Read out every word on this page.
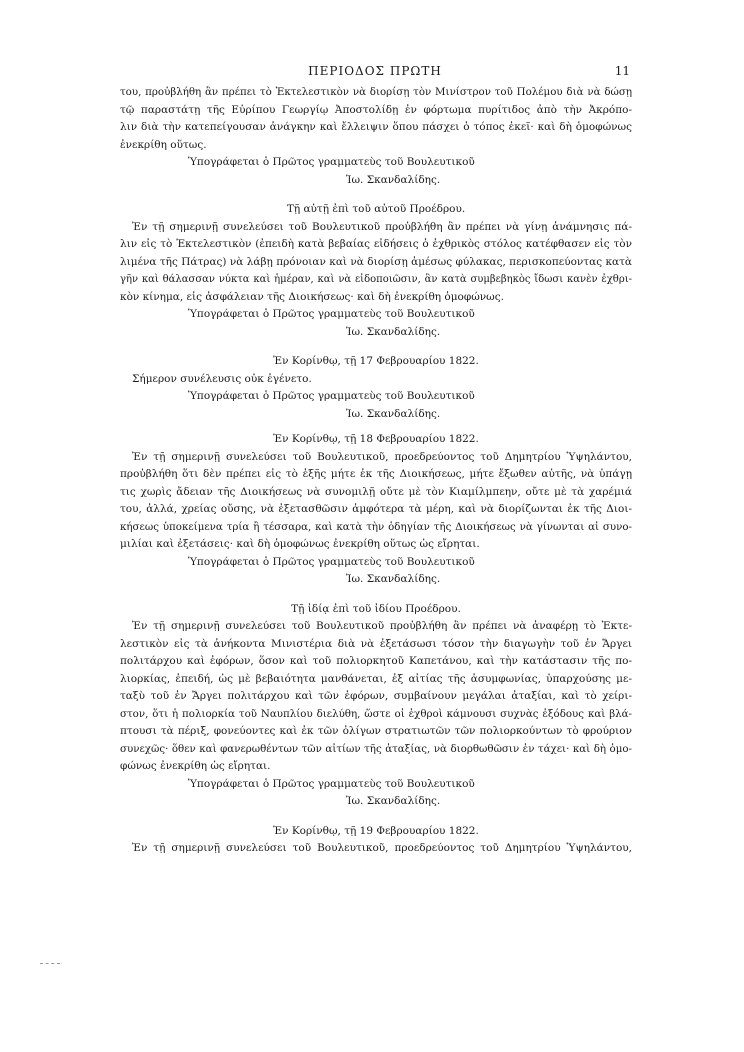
ΠΕΡΙΟΔΟΣ ΠΡΩΤΗ	11
του, προὐβλήθη ἂν πρέπει τὸ Ἐκτελεστικὸν νὰ διορίσῃ τὸν Μινίστρον τοῦ Πολέμου διὰ νὰ δώσῃ
τῷ παραστάτῃ τῆς Εὐρίπου Γεωργίῳ Ἀποστολίδῃ ἐν φόρτωμα πυρίτιδος ἀπὸ τὴν Ἀκρόπο-
λιν διὰ τὴν κατεπείγουσαν ἀνάγκην καὶ ἔλλειψιν ὅπου πάσχει ὁ τόπος ἐκεῖ· καὶ δὴ ὁμοφώνως
ἐνεκρίθη οὕτως.
Ὑπογράφεται ὁ Πρῶτος γραμματεὺς τοῦ Βουλευτικοῦ
Ἰω. Σκανδαλίδης.
Τῇ αὐτῇ ἐπὶ τοῦ αὐτοῦ Προέδρου.
Ἐν τῇ σημερινῇ συνελεύσει τοῦ Βουλευτικοῦ προὐβλήθη ἂν πρέπει νὰ γίνῃ ἀνάμνησις πά-
λιν εἰς τὸ Ἐκτελεστικὸν (ἐπειδὴ κατὰ βεβαίας εἰδήσεις ὁ ἐχθρικὸς στόλος κατέφθασεν εἰς τὸν
λιμένα τῆς Πάτρας) νὰ λάβῃ πρόνοιαν καὶ νὰ διορίσῃ ἀμέσως φύλακας, περισκοπεύοντας κατὰ
γῆν καὶ θάλασσαν νύκτα καὶ ἡμέραν, καὶ νὰ εἰδοποιῶσιν, ἂν κατὰ συμβεβηκὸς ἴδωσι κανὲν ἐχθρι-
κὸν κίνημα, εἰς ἀσφάλειαν τῆς Διοικήσεως· καὶ δὴ ἐνεκρίθη ὁμοφώνως.
Ὑπογράφεται ὁ Πρῶτος γραμματεὺς τοῦ Βουλευτικοῦ
Ἰω. Σκανδαλίδης.
Ἐν Κορίνθῳ, τῇ 17 Φεβρουαρίου 1822.
Σήμερον συνέλευσις οὐκ ἐγένετο.
Ὑπογράφεται ὁ Πρῶτος γραμματεὺς τοῦ Βουλευτικοῦ
Ἰω. Σκανδαλίδης.
Ἐν Κορίνθῳ, τῇ 18 Φεβρουαρίου 1822.
Ἐν τῇ σημερινῇ συνελεύσει τοῦ Βουλευτικοῦ, προεδρεύοντος τοῦ Δημητρίου Ὑψηλάντου,
προὐβλήθη ὅτι δὲν πρέπει εἰς τὸ ἑξῆς μήτε ἐκ τῆς Διοικήσεως, μήτε ἔξωθεν αὐτῆς, νὰ ὑπάγῃ
τις χωρὶς ἄδειαν τῆς Διοικήσεως νὰ συνομιλῇ οὔτε μὲ τὸν Κιαμίλμπεην, οὔτε μὲ τὰ χαρέμιά
του, ἀλλά, χρείας οὔσης, νὰ ἐξετασθῶσιν ἀμφότερα τὰ μέρη, καὶ νὰ διορίζωνται ἐκ τῆς Διοι-
κήσεως ὑποκείμενα τρία ἢ τέσσαρα, καὶ κατὰ τὴν ὁδηγίαν τῆς Διοικήσεως νὰ γίνωνται αἱ συνο-
μιλίαι καὶ ἐξετάσεις· καὶ δὴ ὁμοφώνως ἐνεκρίθη οὕτως ὡς εἴρηται.
Ὑπογράφεται ὁ Πρῶτος γραμματεὺς τοῦ Βουλευτικοῦ
Ἰω. Σκανδαλίδης.
Τῇ ἰδίᾳ ἐπὶ τοῦ ἰδίου Προέδρου.
Ἐν τῇ σημερινῇ συνελεύσει τοῦ Βουλευτικοῦ προὐβλήθη ἂν πρέπει νὰ ἀναφέρῃ τὸ Ἐκτε-
λεστικὸν εἰς τὰ ἀνήκοντα Μινιστέρια διὰ νὰ ἐξετάσωσι τόσον τὴν διαγωγὴν τοῦ ἐν Ἄργει
πολιτάρχου καὶ ἐφόρων, ὅσον καὶ τοῦ πολιορκητοῦ Καπετάνου, καὶ τὴν κατάστασιν τῆς πο-
λιορκίας, ἐπειδή, ὡς μὲ βεβαιότητα μανθάνεται, ἐξ αἰτίας τῆς ἀσυμφωνίας, ὑπαρχούσης με-
ταξὺ τοῦ ἐν Ἄργει πολιτάρχου καὶ τῶν ἐφόρων, συμβαίνουν μεγάλαι ἀταξίαι, καὶ τὸ χείρι-
στον, ὅτι ἡ πολιορκία τοῦ Ναυπλίου διελύθη, ὥστε οἱ ἐχθροὶ κάμνουσι συχνὰς ἐξόδους καὶ βλά-
πτουσι τὰ πέριξ, φονεύοντες καὶ ἐκ τῶν ὀλίγων στρατιωτῶν τῶν πολιορκούντων τὸ φρούριον
συνεχῶς· ὅθεν καὶ φανερωθέντων τῶν αἰτίων τῆς ἀταξίας, νὰ διορθωθῶσιν ἐν τάχει· καὶ δὴ ὁμο-
φώνως ἐνεκρίθη ὡς εἴρηται.
Ὑπογράφεται ὁ Πρῶτος γραμματεὺς τοῦ Βουλευτικοῦ
Ἰω. Σκανδαλίδης.
Ἐν Κορίνθῳ, τῇ 19 Φεβρουαρίου 1822.
Ἐν τῇ σημερινῇ συνελεύσει τοῦ Βουλευτικοῦ, προεδρεύοντος τοῦ Δημητρίου Ὑψηλάντου,
